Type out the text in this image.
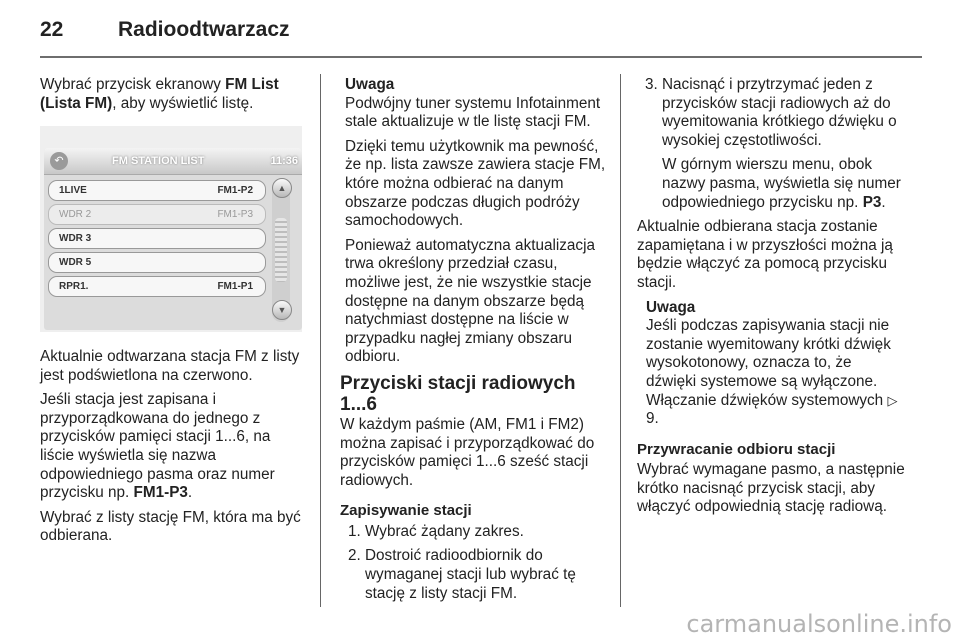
22	Radioodtwarzacz

Wybrać przycisk ekranowy FM List (Lista FM), aby wyświetlić listę.

↶	FM STATION LIST	11:36
1LIVE	FM1-P2
WDR 2	FM1-P3
WDR 3
WDR 5
RPR1.	FM1-P1
▲
▼

Aktualnie odtwarzana stacja FM z listy jest podświetlona na czerwono.

Jeśli stacja jest zapisana i przyporządkowana do jednego z przycisków pamięci stacji 1...6, na liście wyświetla się nazwa odpowiedniego pasma oraz numer przycisku np. FM1-P3.

Wybrać z listy stację FM, która ma być odbierana.

Uwaga

Podwójny tuner systemu Infotainment stale aktualizuje w tle listę stacji FM.

Dzięki temu użytkownik ma pewność, że np. lista zawsze zawiera stacje FM, które można odbierać na danym obszarze podczas długich podróży samochodowych.

Ponieważ automatyczna aktualizacja trwa określony przedział czasu, możliwe jest, że nie wszystkie stacje dostępne na danym obszarze będą natychmiast dostępne na liście w przypadku nagłej zmiany obszaru odbioru.

Przyciski stacji radiowych 1...6

W każdym paśmie (AM, FM1 i FM2) można zapisać i przyporządkować do przycisków pamięci 1...6 sześć stacji radiowych.

Zapisywanie stacji
1. Wybrać żądany zakres.
2. Dostroić radioodbiornik do wymaganej stacji lub wybrać tę stację z listy stacji FM.
3. Nacisnąć i przytrzymać jeden z przycisków stacji radiowych aż do wyemitowania krótkiego dźwięku o wysokiej częstotliwości.
W górnym wierszu menu, obok nazwy pasma, wyświetla się numer odpowiedniego przycisku np. P3.

Aktualnie odbierana stacja zostanie zapamiętana i w przyszłości można ją będzie włączyć za pomocą przycisku stacji.

Uwaga

Jeśli podczas zapisywania stacji nie zostanie wyemitowany krótki dźwięk wysokotonowy, oznacza to, że dźwięki systemowe są wyłączone. Włączanie dźwięków systemowych ▷ 9.

Przywracanie odbioru stacji

Wybrać wymagane pasmo, a następnie krótko nacisnąć przycisk stacji, aby włączyć odpowiednią stację radiową.

carmanualsonline.info
